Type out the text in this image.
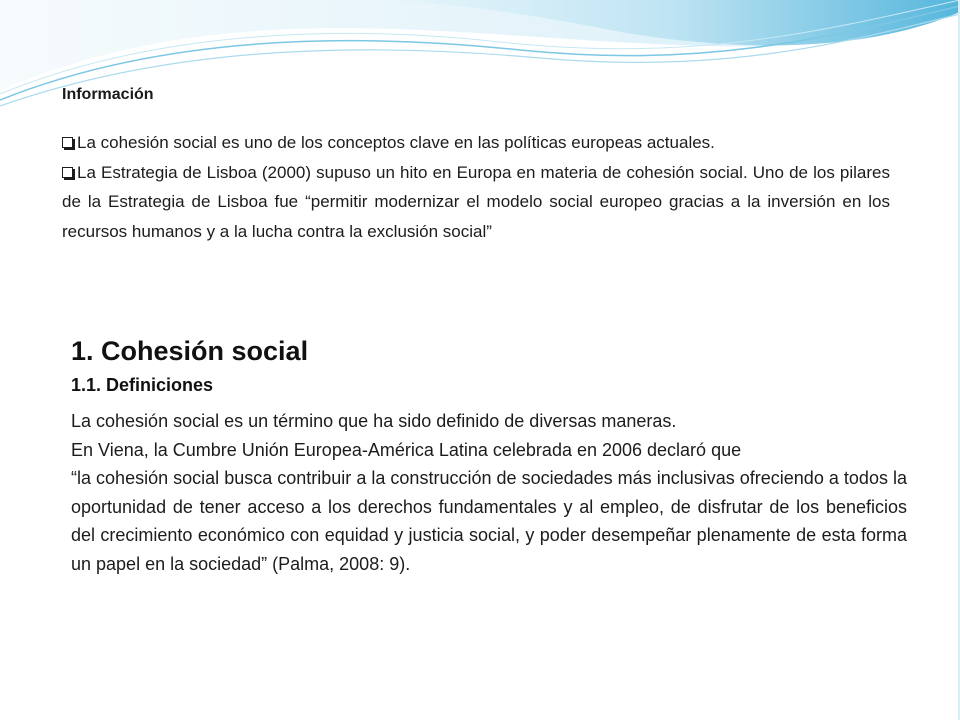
Información

La cohesión social es uno de los conceptos clave en las políticas europeas actuales.
La Estrategia de Lisboa (2000) supuso un hito en Europa en materia de cohesión social. Uno de los pilares de la Estrategia de Lisboa fue “permitir modernizar el modelo social europeo gracias a la inversión en los recursos humanos y a la lucha contra la exclusión social”
1. Cohesión social
1.1. Definiciones

La cohesión social es un término que ha sido definido de diversas maneras.

En Viena, la Cumbre Unión Europea-América Latina celebrada en 2006 declaró que

“la cohesión social busca contribuir a la construcción de sociedades más inclusivas ofreciendo a todos la oportunidad de tener acceso a los derechos fundamentales y al empleo, de disfrutar de los beneficios del crecimiento económico con equidad y justicia social, y poder desempeñar plenamente de esta forma un papel en la sociedad” (Palma, 2008: 9).
